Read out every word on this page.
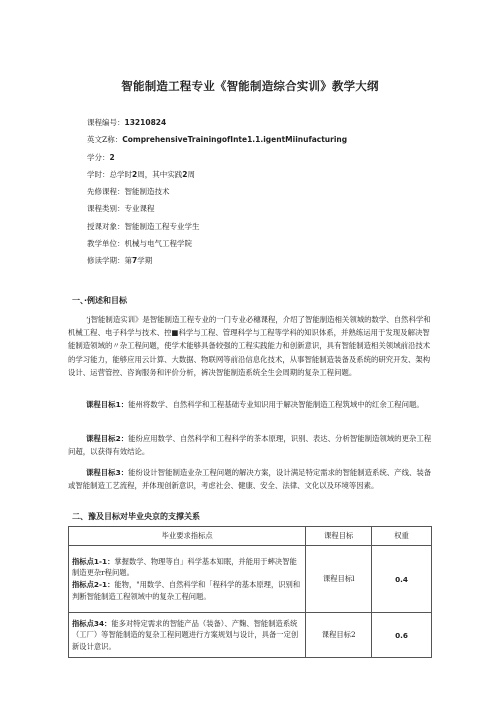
智能制造工程专业《智能制造综合实训》教学大纲
课程编号：13210824
英文Z称：ComprehensiveTrainingofInte1.1.igentMiinufacturing
学分：2
学时：总学时2周，其中实践2周
先修课程：智能制造技术
课程类别：专业课程
授课对象：智能制造工程专业学生
教学单位：机械与电气工程学院
修读学期：第7学期
一、·例述和目标
‘j智能制造实训》是智能制造工程专业的一门专业必穗课程，介绍了智能制造相关领城的数学、自然科学和机械工程、电子科学与技术、控■科学与工程、管理科学与工程等学科的知识体系，并熟练运用于发现及解决智能制造领域的〃杂工程问题，使学术能够具备较强的工程实践能力和创新意识，具有智能制造相关领域前沿技术的学习能力，能够应用云计算、大数据、物联网等前沿信息化技术，从事智能制造装备及系统的研究开发、架构设计、运营管控、咨询服务和评价分析，裤决智能制造系统全生会周期的复杂工程问题。
课程目标1：能州将数学、自然科学和工程基础专业知识用于解决智能制造工程筑域中的红余工程问题。
课程目标2：能纷应用数学、自然科学和工程科学的茶本原理，识别、表达、分析智能制造领域的更杂工程问超，以获得有效结论。
课程目标3：能纷设计智能制造业杂工程问题的解决方案，设计满足特定需求的智能制造系统、产线、装备或智能制造工艺流程，并体现创新意识，考虑社会、健康、安全、法律、文化以及环境等因素。
二、豫及目标对毕业央京的支撑关系
毕业要求指标点	课程目标	权重

指标点1-1：掌握数学、物理等自」科学基本知眠，并能用于蟀决智能制造更杂r程问题。
指标点2-1：能物，"用数学、自然科学和「程科学的基本原理，识别和判断智能制造工程领域中的复杂工程问题。	课程目标l	0.4

指标点34：能多对特定需求的智能产品（装备）、产麴、智能制造系统（工厂）等智能制造的复杂工程问题进行方案规划与设计，具备一定创新设计意识。	课程目标2	0.6
